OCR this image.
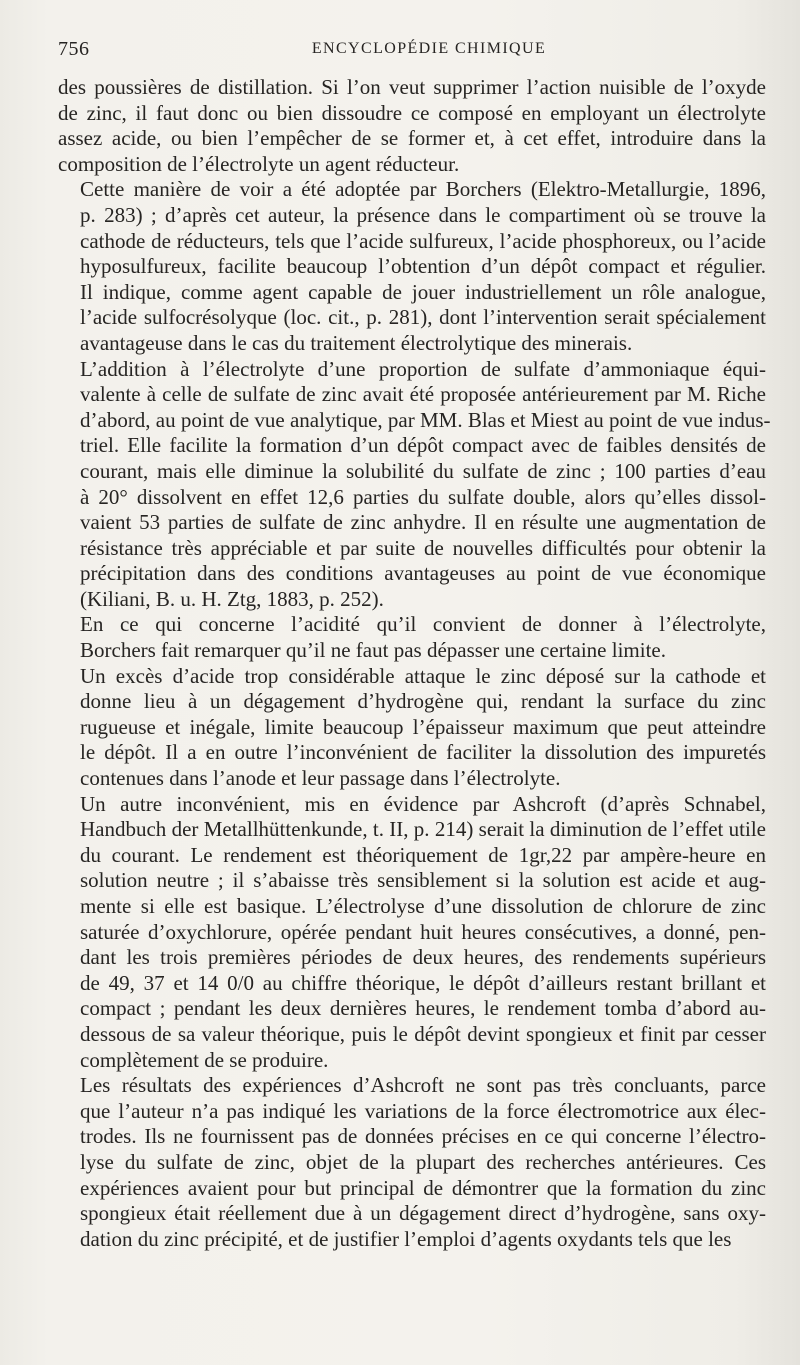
756	ENCYCLOPÉDIE CHIMIQUE
des poussières de distillation. Si l’on veut supprimer l’action nuisible de l’oxyde
de zinc, il faut donc ou bien dissoudre ce composé en employant un électrolyte
assez acide, ou bien l’empêcher de se former et, à cet effet, introduire dans la
composition de l’électrolyte un agent réducteur.
Cette manière de voir a été adoptée par Borchers (Elektro-Metallurgie, 1896,
p. 283) ; d’après cet auteur, la présence dans le compartiment où se trouve la
cathode de réducteurs, tels que l’acide sulfureux, l’acide phosphoreux, ou l’acide
hyposulfureux, facilite beaucoup l’obtention d’un dépôt compact et régulier.
Il indique, comme agent capable de jouer industriellement un rôle analogue,
l’acide sulfocrésolyque (loc. cit., p. 281), dont l’intervention serait spécialement
avantageuse dans le cas du traitement électrolytique des minerais.
L’addition à l’électrolyte d’une proportion de sulfate d’ammoniaque équi-
valente à celle de sulfate de zinc avait été proposée antérieurement par M. Riche
d’abord, au point de vue analytique, par MM. Blas et Miest au point de vue indus-
triel. Elle facilite la formation d’un dépôt compact avec de faibles densités de
courant, mais elle diminue la solubilité du sulfate de zinc ; 100 parties d’eau
à 20° dissolvent en effet 12,6 parties du sulfate double, alors qu’elles dissol-
vaient 53 parties de sulfate de zinc anhydre. Il en résulte une augmentation de
résistance très appréciable et par suite de nouvelles difficultés pour obtenir la
précipitation dans des conditions avantageuses au point de vue économique
(Kiliani, B. u. H. Ztg, 1883, p. 252).
En ce qui concerne l’acidité qu’il convient de donner à l’électrolyte,
Borchers fait remarquer qu’il ne faut pas dépasser une certaine limite.
Un excès d’acide trop considérable attaque le zinc déposé sur la cathode et
donne lieu à un dégagement d’hydrogène qui, rendant la surface du zinc
rugueuse et inégale, limite beaucoup l’épaisseur maximum que peut atteindre
le dépôt. Il a en outre l’inconvénient de faciliter la dissolution des impuretés
contenues dans l’anode et leur passage dans l’électrolyte.
Un autre inconvénient, mis en évidence par Ashcroft (d’après Schnabel,
Handbuch der Metallhüttenkunde, t. II, p. 214) serait la diminution de l’effet utile
du courant. Le rendement est théoriquement de 1gr,22 par ampère-heure en
solution neutre ; il s’abaisse très sensiblement si la solution est acide et aug-
mente si elle est basique. L’électrolyse d’une dissolution de chlorure de zinc
saturée d’oxychlorure, opérée pendant huit heures consécutives, a donné, pen-
dant les trois premières périodes de deux heures, des rendements supérieurs
de 49, 37 et 14 0/0 au chiffre théorique, le dépôt d’ailleurs restant brillant et
compact ; pendant les deux dernières heures, le rendement tomba d’abord au-
dessous de sa valeur théorique, puis le dépôt devint spongieux et finit par cesser
complètement de se produire.
Les résultats des expériences d’Ashcroft ne sont pas très concluants, parce
que l’auteur n’a pas indiqué les variations de la force électromotrice aux élec-
trodes. Ils ne fournissent pas de données précises en ce qui concerne l’électro-
lyse du sulfate de zinc, objet de la plupart des recherches antérieures. Ces
expériences avaient pour but principal de démontrer que la formation du zinc
spongieux était réellement due à un dégagement direct d’hydrogène, sans oxy-
dation du zinc précipité, et de justifier l’emploi d’agents oxydants tels que les
